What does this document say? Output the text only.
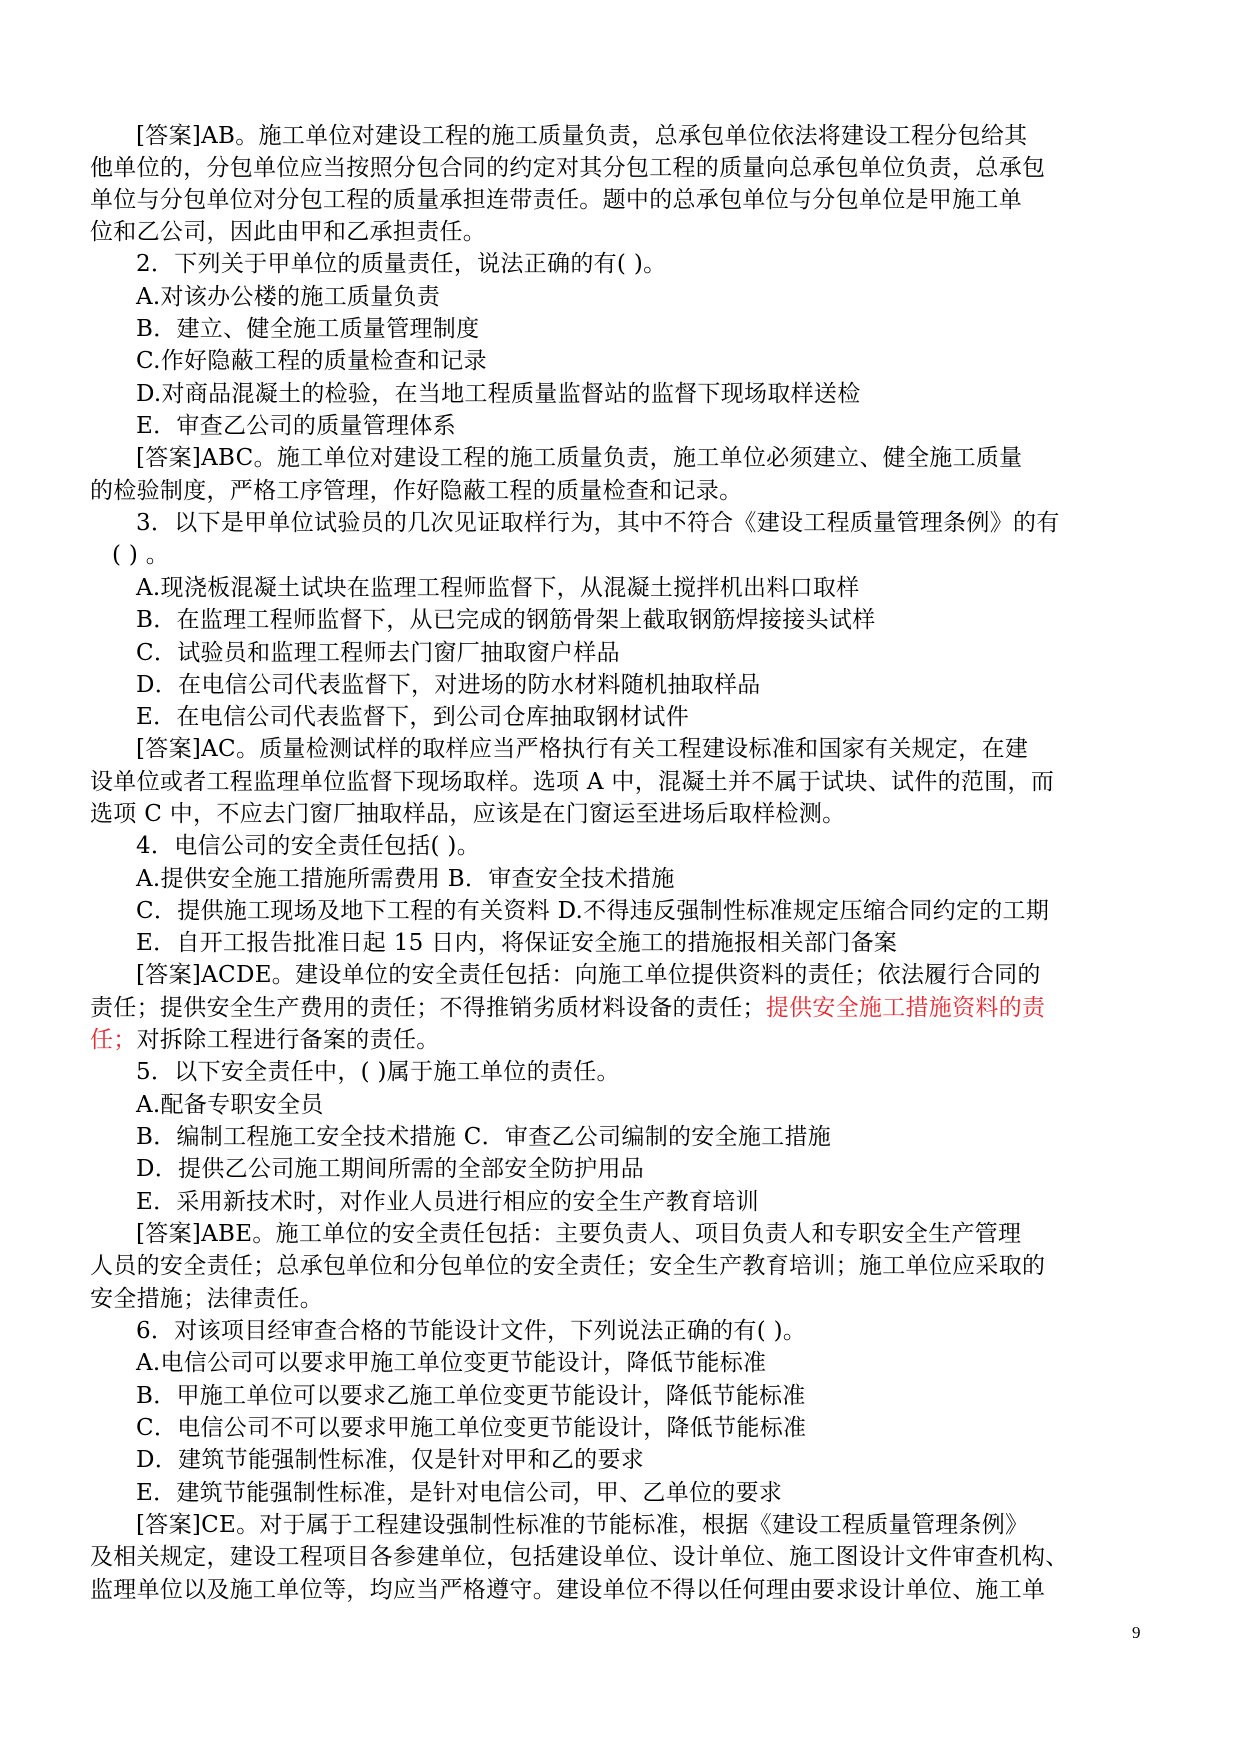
[答案]AB。施工单位对建设工程的施工质量负责，总承包单位依法将建设工程分包给其
他单位的，分包单位应当按照分包合同的约定对其分包工程的质量向总承包单位负责，总承包
单位与分包单位对分包工程的质量承担连带责任。题中的总承包单位与分包单位是甲施工单
位和乙公司，因此由甲和乙承担责任。
2．下列关于甲单位的质量责任，说法正确的有( )。
A.对该办公楼的施工质量负责
B．建立、健全施工质量管理制度
C.作好隐蔽工程的质量检查和记录
D.对商品混凝土的检验，在当地工程质量监督站的监督下现场取样送检
E．审查乙公司的质量管理体系
[答案]ABC。施工单位对建设工程的施工质量负责，施工单位必须建立、健全施工质量
的检验制度，严格工序管理，作好隐蔽工程的质量检查和记录。
3．以下是甲单位试验员的几次见证取样行为，其中不符合《建设工程质量管理条例》的有
( ) 。
A.现浇板混凝土试块在监理工程师监督下，从混凝土搅拌机出料口取样
B．在监理工程师监督下，从已完成的钢筋骨架上截取钢筋焊接接头试样
C．试验员和监理工程师去门窗厂抽取窗户样品
D．在电信公司代表监督下，对进场的防水材料随机抽取样品
E．在电信公司代表监督下，到公司仓库抽取钢材试件
[答案]AC。质量检测试样的取样应当严格执行有关工程建设标准和国家有关规定，在建
设单位或者工程监理单位监督下现场取样。选项 A 中，混凝土并不属于试块、试件的范围，而
选项 C 中，不应去门窗厂抽取样品，应该是在门窗运至进场后取样检测。
4．电信公司的安全责任包括( )。
A.提供安全施工措施所需费用 B．审查安全技术措施
C．提供施工现场及地下工程的有关资料 D.不得违反强制性标准规定压缩合同约定的工期
E．自开工报告批准日起 15 日内，将保证安全施工的措施报相关部门备案
[答案]ACDE。建设单位的安全责任包括：向施工单位提供资料的责任；依法履行合同的
责任；提供安全生产费用的责任；不得推销劣质材料设备的责任；提供安全施工措施资料的责
任；对拆除工程进行备案的责任。
5．以下安全责任中，( )属于施工单位的责任。
A.配备专职安全员
B．编制工程施工安全技术措施 C．审查乙公司编制的安全施工措施
D．提供乙公司施工期间所需的全部安全防护用品
E．采用新技术时，对作业人员进行相应的安全生产教育培训
[答案]ABE。施工单位的安全责任包括：主要负责人、项目负责人和专职安全生产管理
人员的安全责任；总承包单位和分包单位的安全责任；安全生产教育培训；施工单位应采取的
安全措施；法律责任。
6．对该项目经审查合格的节能设计文件，下列说法正确的有( )。
A.电信公司可以要求甲施工单位变更节能设计，降低节能标准
B．甲施工单位可以要求乙施工单位变更节能设计，降低节能标准
C．电信公司不可以要求甲施工单位变更节能设计，降低节能标准
D．建筑节能强制性标准，仅是针对甲和乙的要求
E．建筑节能强制性标准，是针对电信公司，甲、乙单位的要求
[答案]CE。对于属于工程建设强制性标准的节能标准，根据《建设工程质量管理条例》
及相关规定，建设工程项目各参建单位，包括建设单位、设计单位、施工图设计文件审查机构、
监理单位以及施工单位等，均应当严格遵守。建设单位不得以任何理由要求设计单位、施工单
9
